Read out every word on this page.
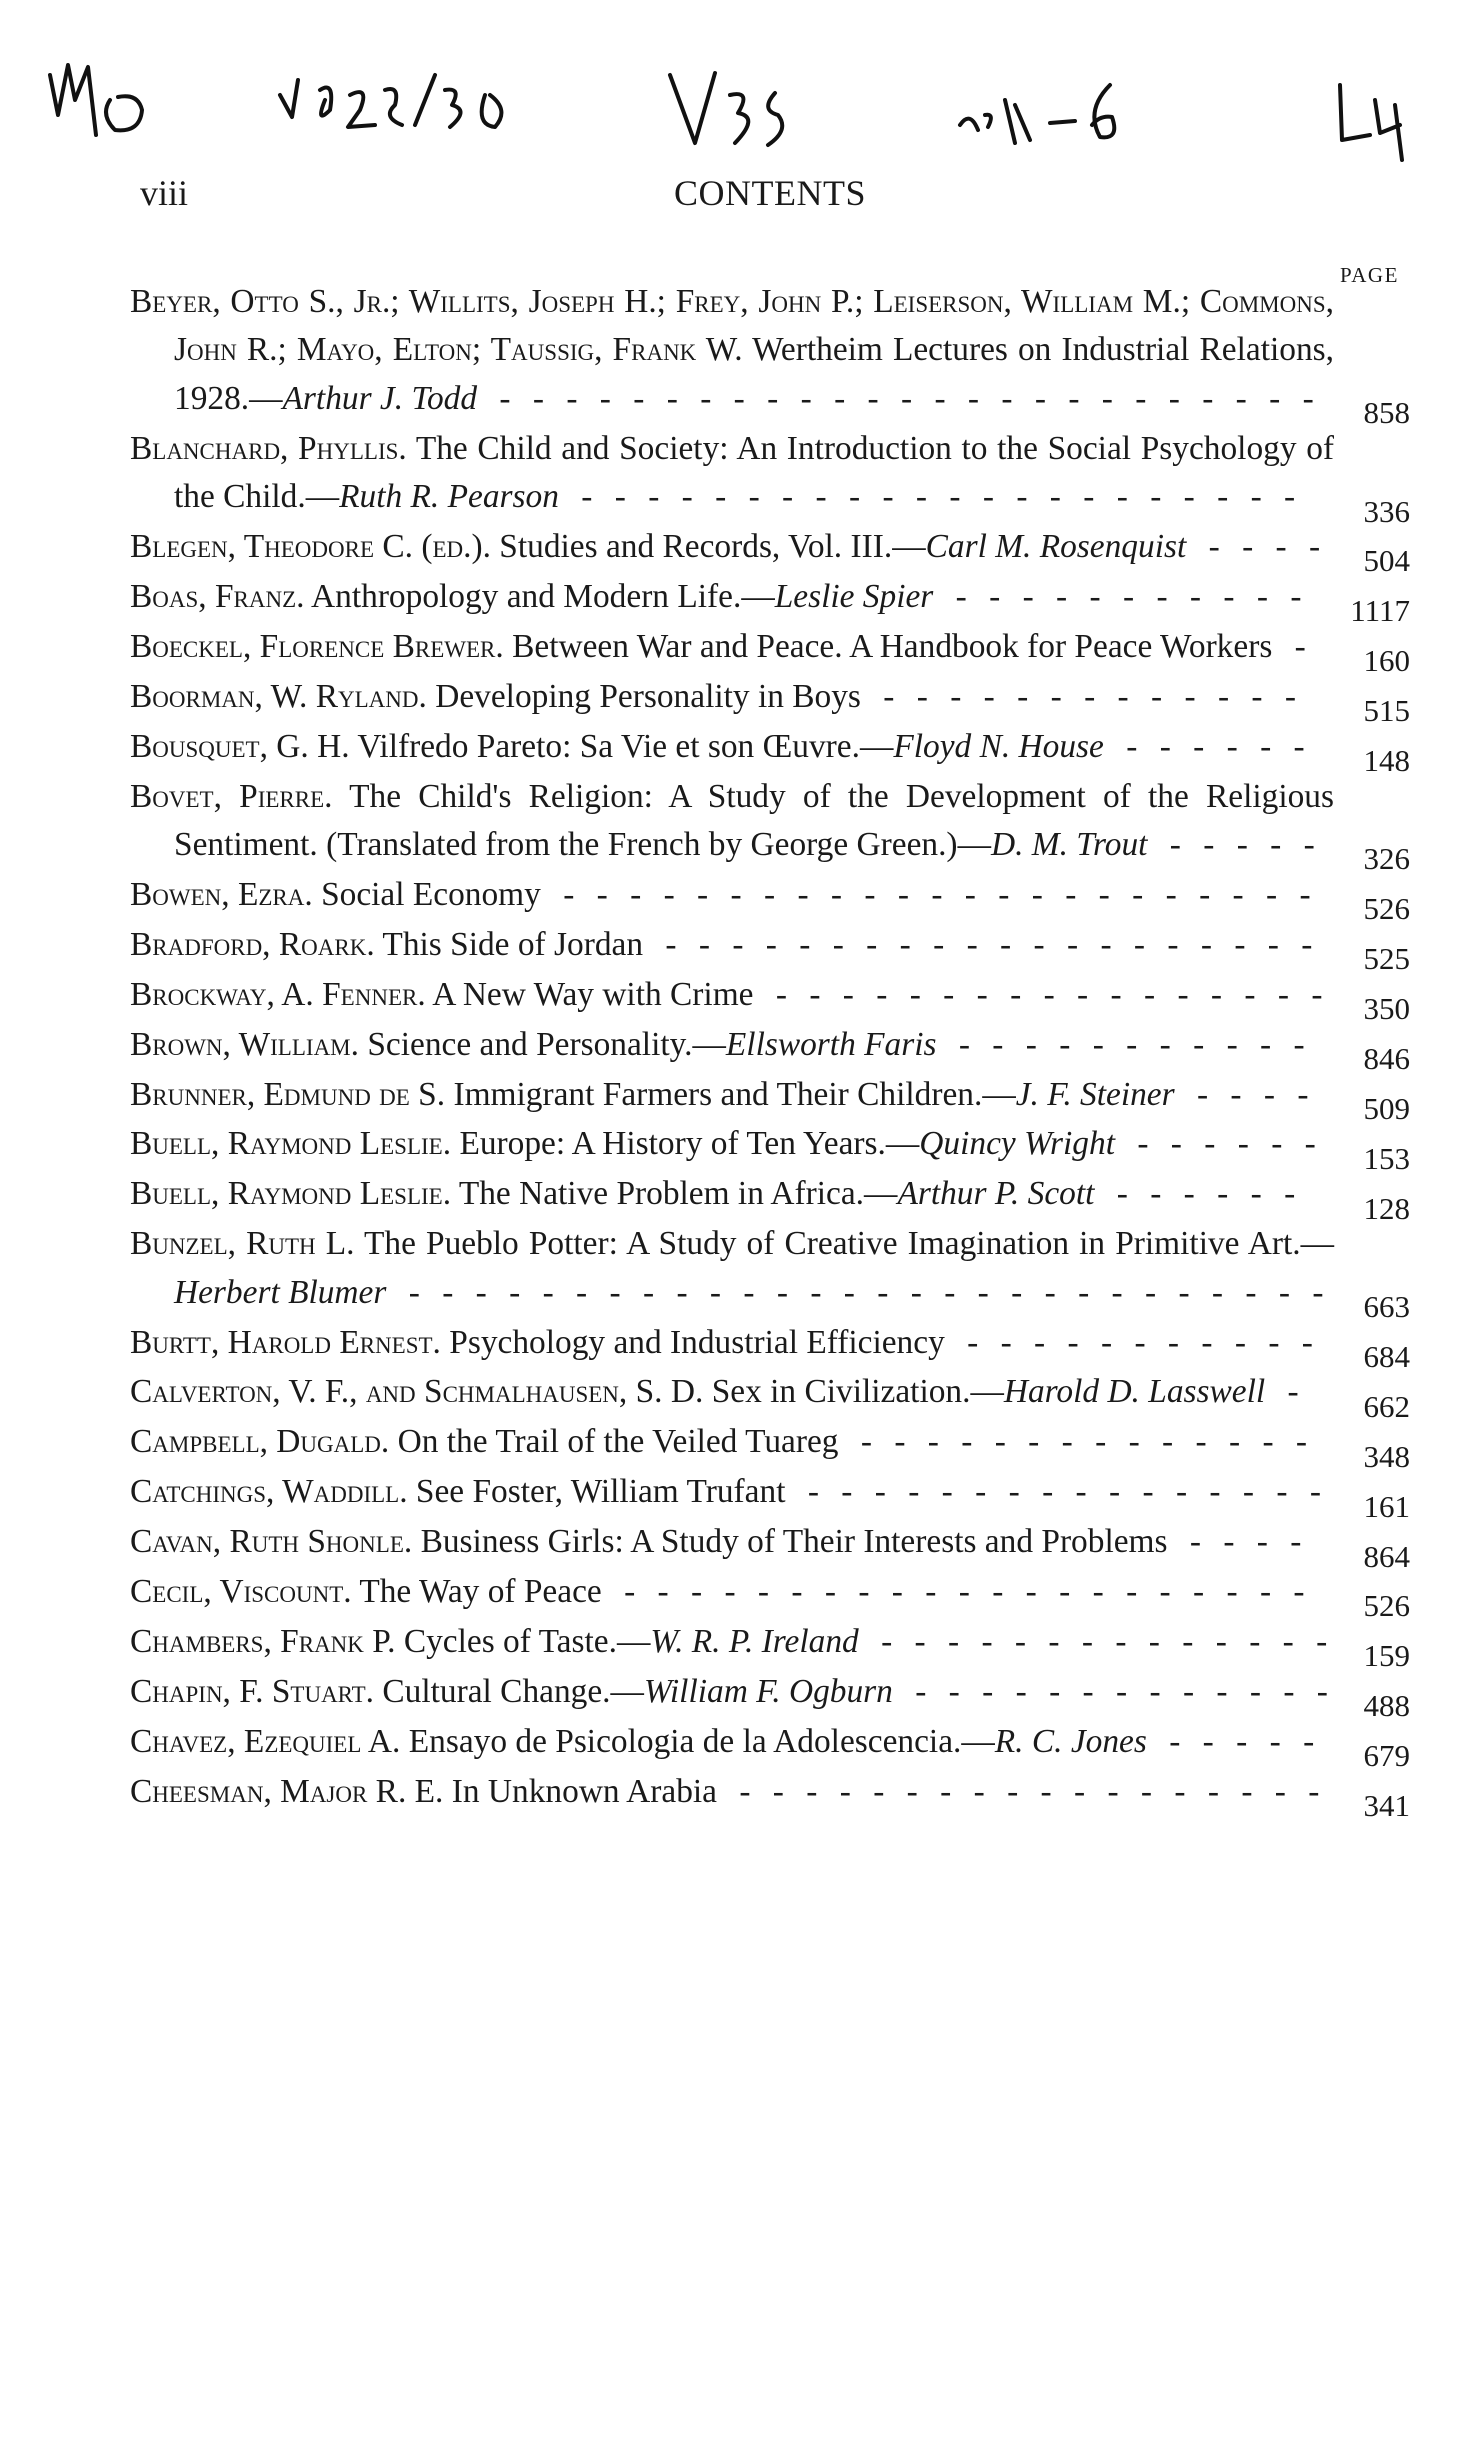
M.O 1929/30 V35 no 1-6 L4
viii	CONTENTS
PAGE
Beyer, Otto S., Jr.; Willits, Joseph H.; Frey, John P.; Leiserson, William M.; Commons, John R.; Mayo, Elton; Taussig, Frank W. Wertheim Lectures on Industrial Relations, 1928.—Arthur J. Todd - - - - - - - - - - - - - - - - - - - - - - - - -	858
Blanchard, Phyllis. The Child and Society: An Introduction to the Social Psychology of the Child.—Ruth R. Pearson - - - - - - - - - - - - - - - - - - - - - -	336
Blegen, Theodore C. (ed.). Studies and Records, Vol. III.—Carl M. Rosenquist - - - -	504
Boas, Franz. Anthropology and Modern Life.—Leslie Spier - - - - - - - - - - -	1117
Boeckel, Florence Brewer. Between War and Peace. A Handbook for Peace Workers -	160
Boorman, W. Ryland. Developing Personality in Boys - - - - - - - - - - - - -	515
Bousquet, G. H. Vilfredo Pareto: Sa Vie et son Œuvre.—Floyd N. House - - - - - -	148
Bovet, Pierre. The Child's Religion: A Study of the Development of the Religious Sentiment. (Translated from the French by George Green.)—D. M. Trout - - - - -	326
Bowen, Ezra. Social Economy - - - - - - - - - - - - - - - - - - - - - - -	526
Bradford, Roark. This Side of Jordan - - - - - - - - - - - - - - - - - - - -	525
Brockway, A. Fenner. A New Way with Crime - - - - - - - - - - - - - - - - -	350
Brown, William. Science and Personality.—Ellsworth Faris - - - - - - - - - - -	846
Brunner, Edmund de S. Immigrant Farmers and Their Children.—J. F. Steiner - - - -	509
Buell, Raymond Leslie. Europe: A History of Ten Years.—Quincy Wright - - - - - -	153
Buell, Raymond Leslie. The Native Problem in Africa.—Arthur P. Scott - - - - - -	128
Bunzel, Ruth L. The Pueblo Potter: A Study of Creative Imagination in Primitive Art.—Herbert Blumer - - - - - - - - - - - - - - - - - - - - - - - - - - - -	663
Burtt, Harold Ernest. Psychology and Industrial Efficiency - - - - - - - - - - -	684
Calverton, V. F., and Schmalhausen, S. D. Sex in Civilization.—Harold D. Lasswell -	662
Campbell, Dugald. On the Trail of the Veiled Tuareg - - - - - - - - - - - - - -	348
Catchings, Waddill. See Foster, William Trufant - - - - - - - - - - - - - - - -	161
Cavan, Ruth Shonle. Business Girls: A Study of Their Interests and Problems - - - -	864
Cecil, Viscount. The Way of Peace - - - - - - - - - - - - - - - - - - - - -	526
Chambers, Frank P. Cycles of Taste.—W. R. P. Ireland - - - - - - - - - - - - - -	159
Chapin, F. Stuart. Cultural Change.—William F. Ogburn - - - - - - - - - - - - -	488
Chavez, Ezequiel A. Ensayo de Psicologia de la Adolescencia.—R. C. Jones - - - - -	679
Cheesman, Major R. E. In Unknown Arabia - - - - - - - - - - - - - - - - - -	341
